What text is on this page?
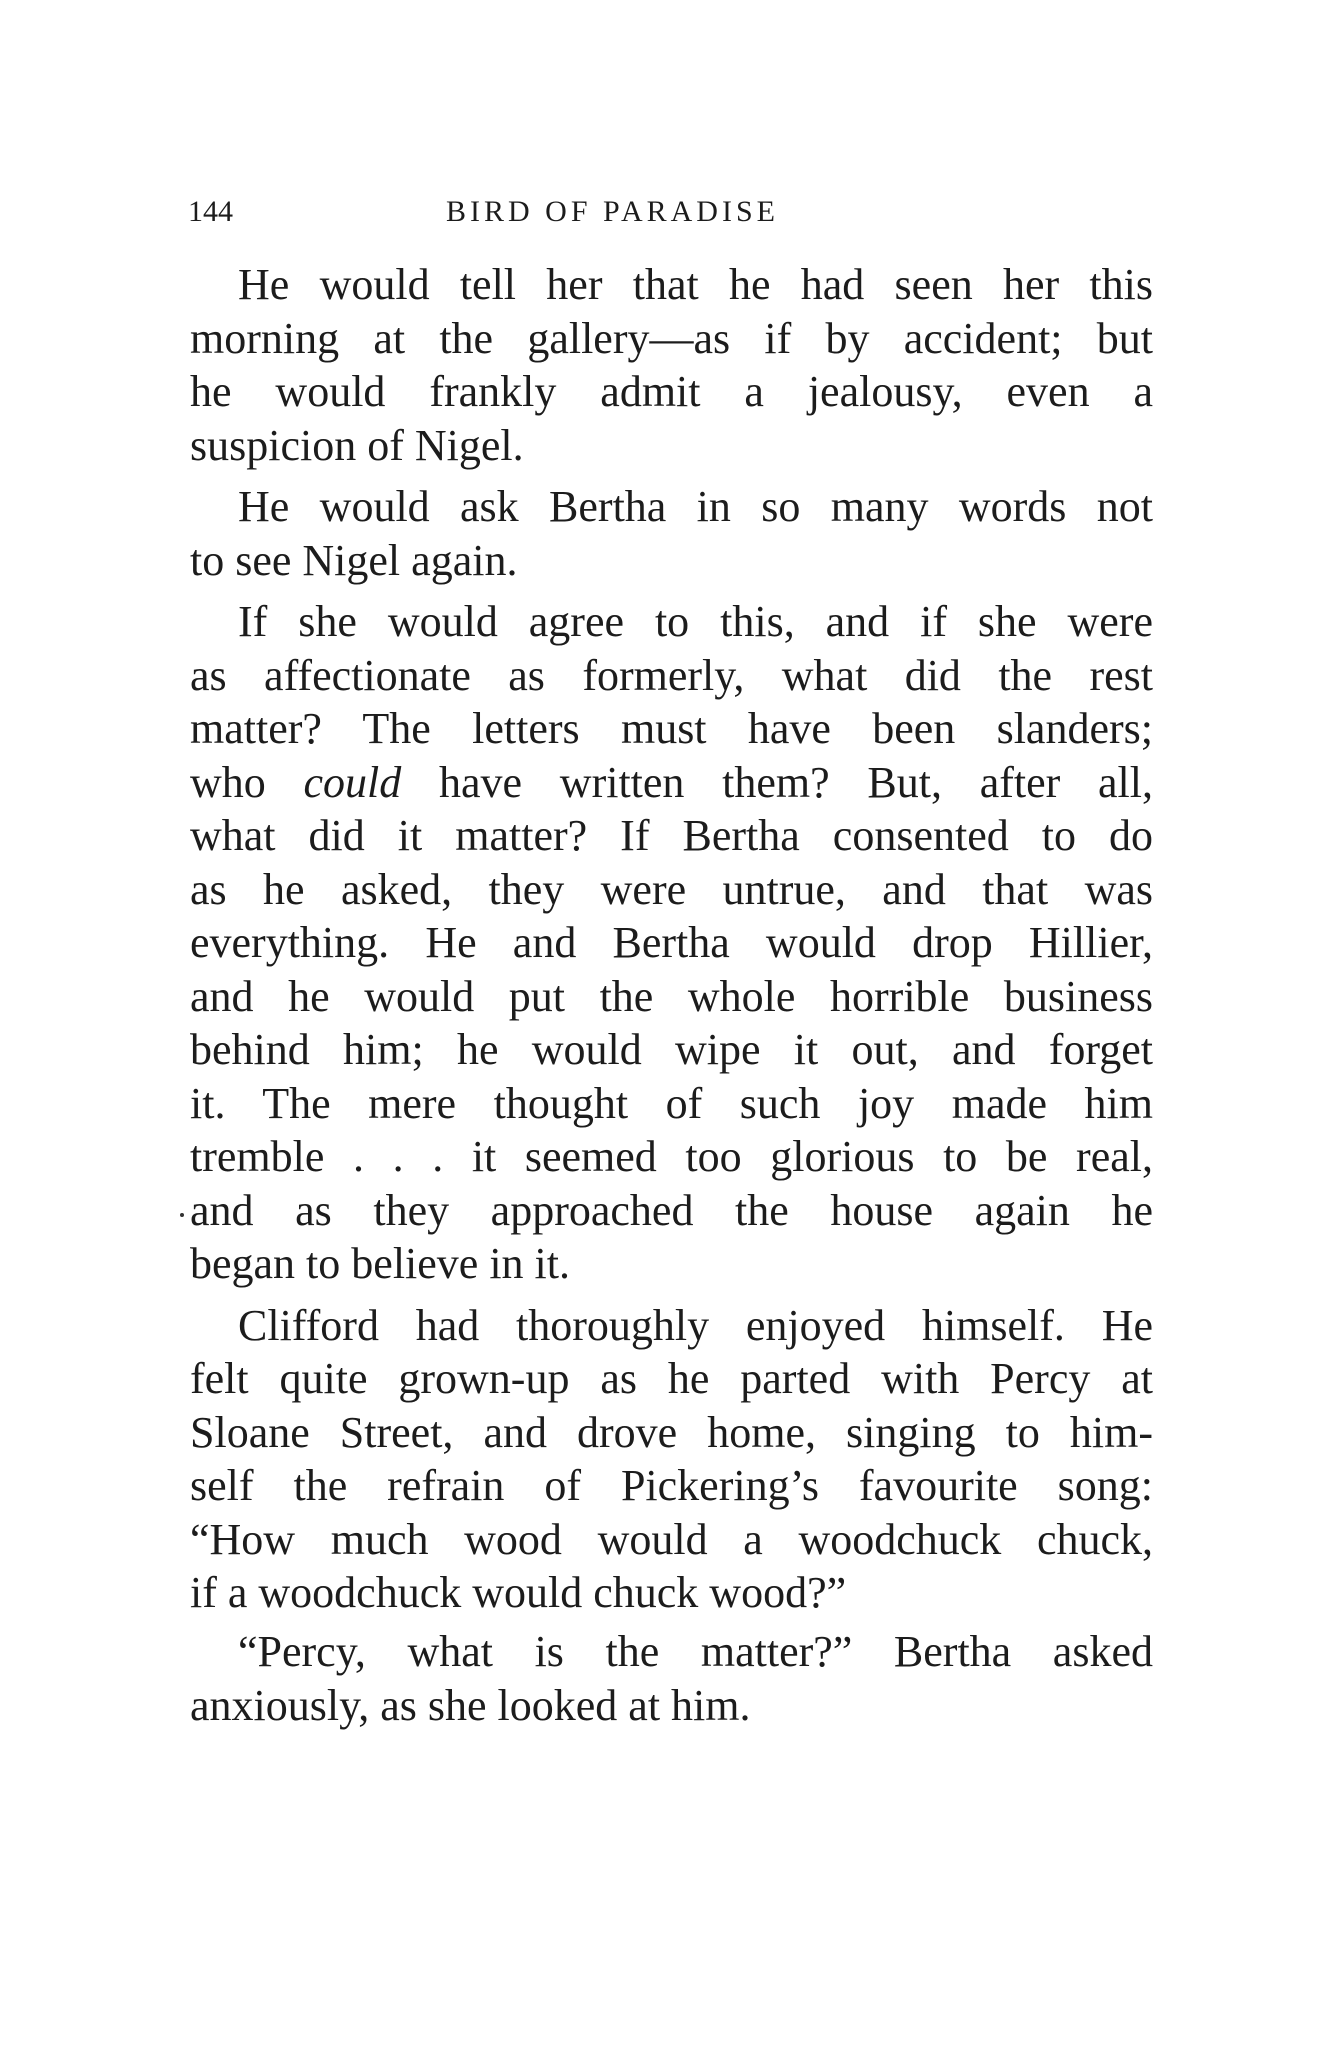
144	BIRD OF PARADISE
He would tell her that he had seen her this
morning at the gallery—as if by accident; but
he would frankly admit a jealousy, even a
suspicion of Nigel.
He would ask Bertha in so many words not
to see Nigel again.
If she would agree to this, and if she were
as affectionate as formerly, what did the rest
matter? The letters must have been slanders;
who could have written them? But, after all,
what did it matter? If Bertha consented to do
as he asked, they were untrue, and that was
everything. He and Bertha would drop Hillier,
and he would put the whole horrible business
behind him; he would wipe it out, and forget
it. The mere thought of such joy made him
tremble . . . it seemed too glorious to be real,
and as they approached the house again he
began to believe in it.
Clifford had thoroughly enjoyed himself. He
felt quite grown-up as he parted with Percy at
Sloane Street, and drove home, singing to him-
self the refrain of Pickering’s favourite song:
“How much wood would a woodchuck chuck,
if a woodchuck would chuck wood?”
“Percy, what is the matter?” Bertha asked
anxiously, as she looked at him.
